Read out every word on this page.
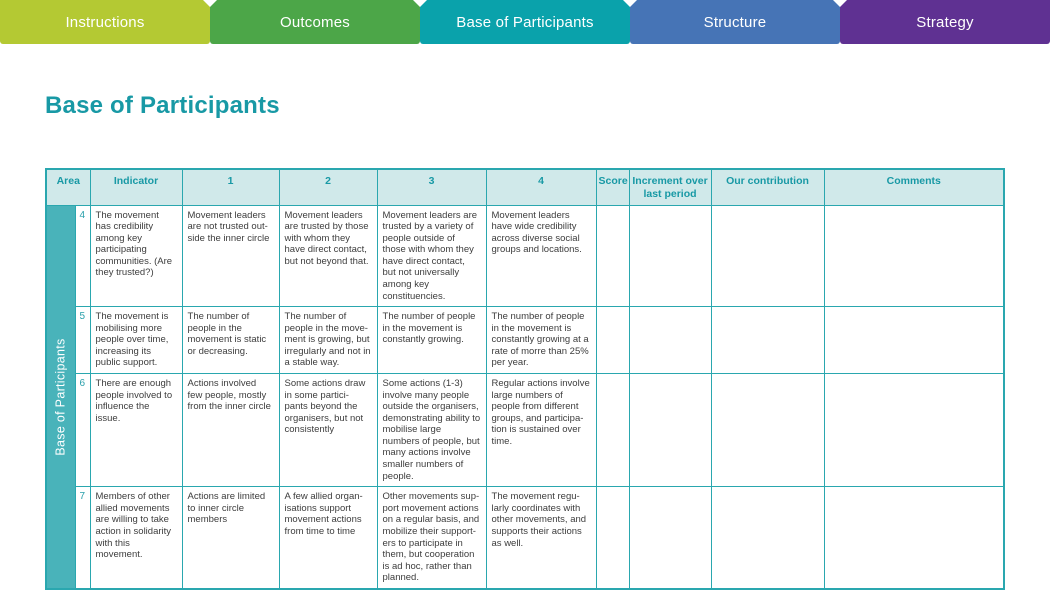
Instructions	Outcomes	Base of Participants	Structure	Strategy
Base of Participants
Area		Indicator	1	2	3	4	Score	Increment over last period	Our contribution	Comments

Base of Participants	4	The movement has credibility among key participating communities. (Are they trusted?)	Movement leaders are not trusted out-side the inner circle	Movement leaders are trusted by those with whom they have direct contact, but not beyond that.	Movement leaders are trusted by a variety of people outside of those with whom they have direct contact, but not universally among key constituencies.	Movement leaders have wide credibility across diverse social groups and locations.				
	5	The movement is mobilising more people over time, increasing its public support.	The number of people in the movement is static or decreasing.	The number of people in the move-ment is growing, but irregularly and not in a stable way.	The number of people in the movement is constantly growing.	The number of people in the movement is constantly growing at a rate of morre than 25% per year.				
	6	There are enough people involved to influence the issue.	Actions involved few people, mostly from the inner circle	Some actions draw in some partici-pants beyond the organisers, but not consistently	Some actions (1-3) involve many people outside the organisers, demonstrating ability to mobilise large numbers of people, but many actions involve smaller numbers of people.	Regular actions involve large numbers of people from different groups, and participa-tion is sustained over time.				
	7	Members of other allied movements are willing to take action in solidarity with this movement.	Actions are limited to inner circle members	A few allied organ-isations support movement actions from time to time	Other movements sup-port movement actions on a regular basis, and mobilize their support-ers to participate in them, but cooperation is ad hoc, rather than planned.	The movement regu-larly coordinates with other movements, and supports their actions as well.				
